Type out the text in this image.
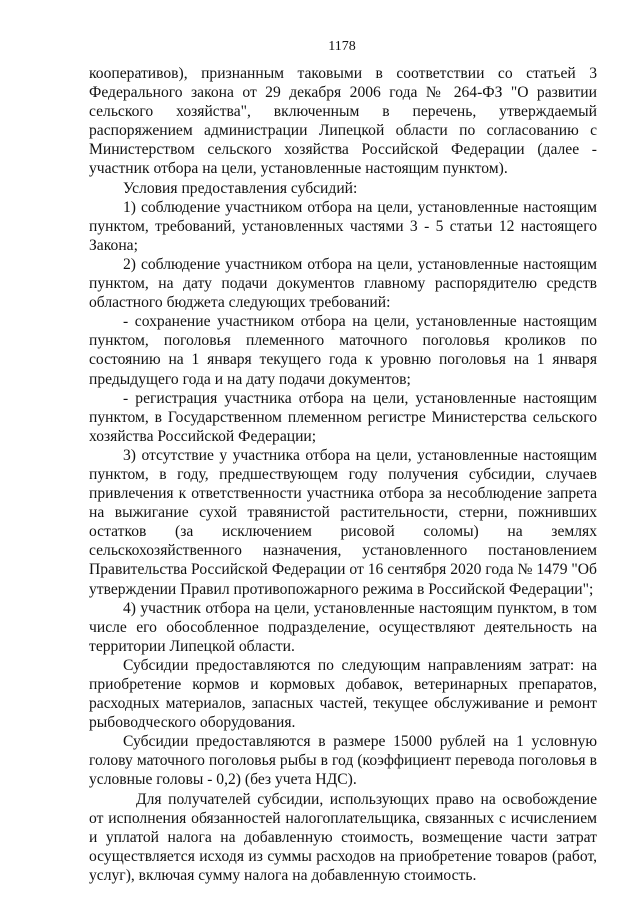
1178

кооперативов), признанным таковыми в соответствии со статьей 3 Федерального закона от 29 декабря 2006 года № 264-ФЗ "О развитии сельского хозяйства", включенным в перечень, утверждаемый распоряжением администрации Липецкой области по согласованию с Министерством сельского хозяйства Российской Федерации (далее - участник отбора на цели, установленные настоящим пунктом).

Условия предоставления субсидий:

1) соблюдение участником отбора на цели, установленные настоящим пунктом, требований, установленных частями 3 - 5 статьи 12 настоящего Закона;

2) соблюдение участником отбора на цели, установленные настоящим пунктом, на дату подачи документов главному распорядителю средств областного бюджета следующих требований:

- сохранение участником отбора на цели, установленные настоящим пунктом, поголовья племенного маточного поголовья кроликов по состоянию на 1 января текущего года к уровню поголовья на 1 января предыдущего года и на дату подачи документов;

- регистрация участника отбора на цели, установленные настоящим пунктом, в Государственном племенном регистре Министерства сельского хозяйства Российской Федерации;

3) отсутствие у участника отбора на цели, установленные настоящим пунктом, в году, предшествующем году получения субсидии, случаев привлечения к ответственности участника отбора за несоблюдение запрета на выжигание сухой травянистой растительности, стерни, пожнивших остатков (за исключением рисовой соломы) на землях сельскохозяйственного назначения, установленного постановлением Правительства Российской Федерации от 16 сентября 2020 года № 1479 "Об утверждении Правил противопожарного режима в Российской Федерации";

4) участник отбора на цели, установленные настоящим пунктом, в том числе его обособленное подразделение, осуществляют деятельность на территории Липецкой области.

Субсидии предоставляются по следующим направлениям затрат: на приобретение кормов и кормовых добавок, ветеринарных препаратов, расходных материалов, запасных частей, текущее обслуживание и ремонт рыбоводческого оборудования.

Субсидии предоставляются в размере 15000 рублей на 1 условную голову маточного поголовья рыбы в год (коэффициент перевода поголовья в условные головы - 0,2) (без учета НДС).

Для получателей субсидии, использующих право на освобождение от исполнения обязанностей налогоплательщика, связанных с исчислением и уплатой налога на добавленную стоимость, возмещение части затрат осуществляется исходя из суммы расходов на приобретение товаров (работ, услуг), включая сумму налога на добавленную стоимость.
